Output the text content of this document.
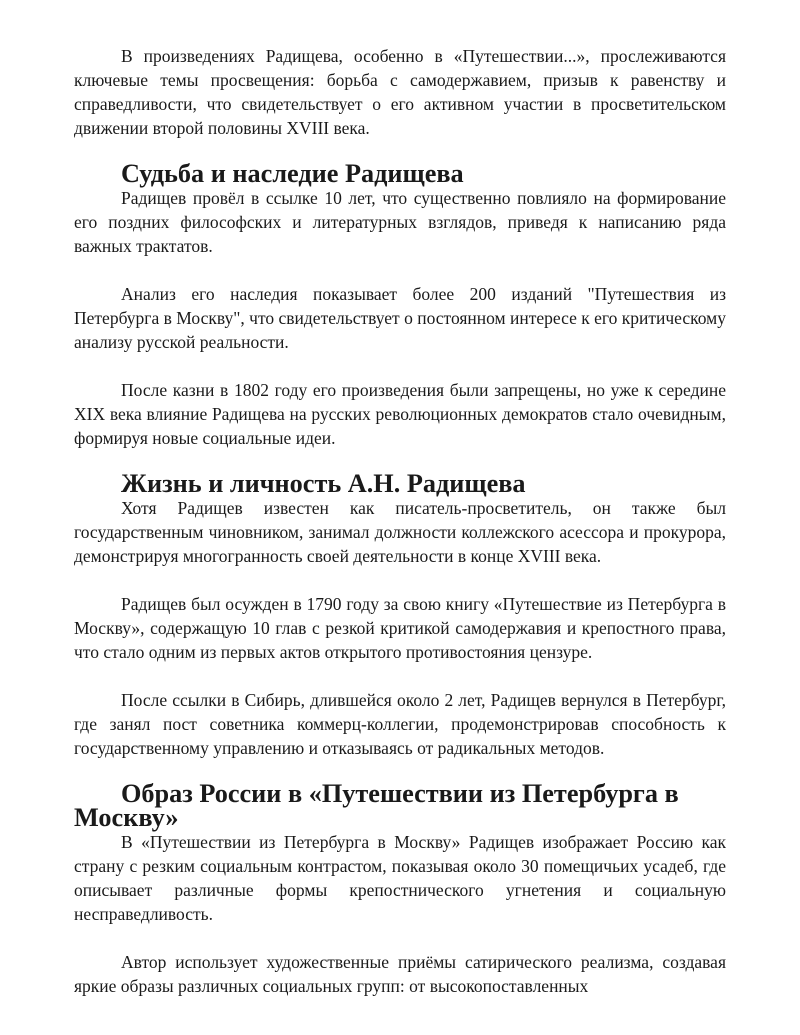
В произведениях Радищева, особенно в «Путешествии...», прослеживаются ключевые темы просвещения: борьба с самодержавием, призыв к равенству и справедливости, что свидетельствует о его активном участии в просветительском движении второй половины XVIII века.

Судьба и наследие Радищева

Радищев провёл в ссылке 10 лет, что существенно повлияло на формирование его поздних философских и литературных взглядов, приведя к написанию ряда важных трактатов.

Анализ его наследия показывает более 200 изданий "Путешествия из Петербурга в Москву", что свидетельствует о постоянном интересе к его критическому анализу русской реальности.

После казни в 1802 году его произведения были запрещены, но уже к середине XIX века влияние Радищева на русских революционных демократов стало очевидным, формируя новые социальные идеи.

Жизнь и личность А.Н. Радищева

Хотя Радищев известен как писатель-просветитель, он также был государственным чиновником, занимал должности коллежского асессора и прокурора, демонстрируя многогранность своей деятельности в конце XVIII века.

Радищев был осужден в 1790 году за свою книгу «Путешествие из Петербурга в Москву», содержащую 10 глав с резкой критикой самодержавия и крепостного права, что стало одним из первых актов открытого противостояния цензуре.

После ссылки в Сибирь, длившейся около 2 лет, Радищев вернулся в Петербург, где занял пост советника коммерц-коллегии, продемонстрировав способность к государственному управлению и отказываясь от радикальных методов.

Образ России в «Путешествии из Петербурга в Москву»

В «Путешествии из Петербурга в Москву» Радищев изображает Россию как страну с резким социальным контрастом, показывая около 30 помещичьих усадеб, где описывает различные формы крепостнического угнетения и социальную несправедливость.

Автор использует художественные приёмы сатирического реализма, создавая яркие образы различных социальных групп: от высокопоставленных
